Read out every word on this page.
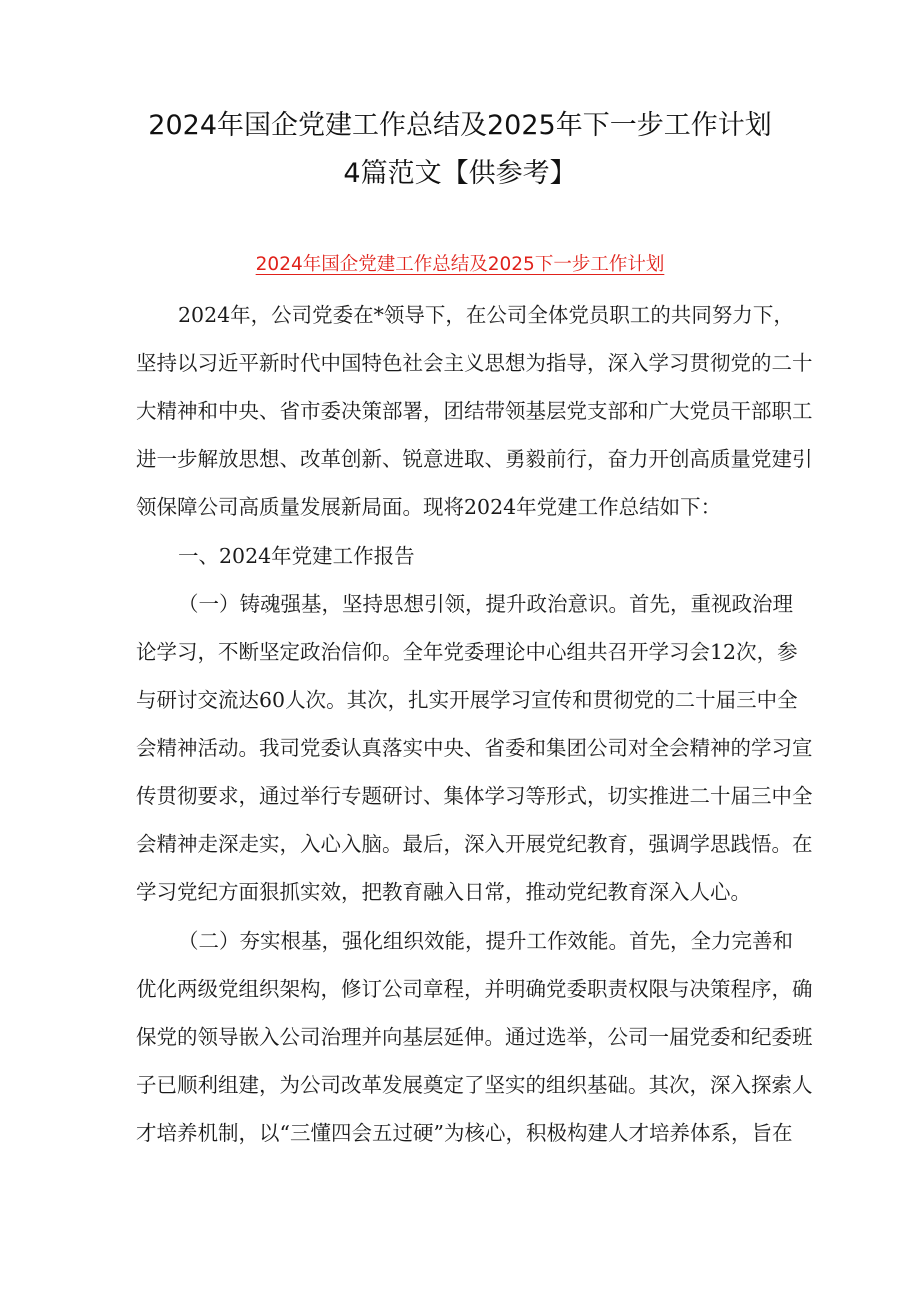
2024年国企党建工作总结及2025年下一步工作计划
4篇范文【供参考】
2024年国企党建工作总结及2025下一步工作计划
2024年，公司党委在*领导下，在公司全体党员职工的共同努力下，
坚持以习近平新时代中国特色社会主义思想为指导，深入学习贯彻党的二十
大精神和中央、省市委决策部署，团结带领基层党支部和广大党员干部职工
进一步解放思想、改革创新、锐意进取、勇毅前行，奋力开创高质量党建引
领保障公司高质量发展新局面。现将2024年党建工作总结如下：
一、2024年党建工作报告
（一）铸魂强基，坚持思想引领，提升政治意识。首先，重视政治理
论学习，不断坚定政治信仰。全年党委理论中心组共召开学习会12次，参
与研讨交流达60人次。其次，扎实开展学习宣传和贯彻党的二十届三中全
会精神活动。我司党委认真落实中央、省委和集团公司对全会精神的学习宣
传贯彻要求，通过举行专题研讨、集体学习等形式，切实推进二十届三中全
会精神走深走实，入心入脑。最后，深入开展党纪教育，强调学思践悟。在
学习党纪方面狠抓实效，把教育融入日常，推动党纪教育深入人心。
（二）夯实根基，强化组织效能，提升工作效能。首先，全力完善和
优化两级党组织架构，修订公司章程，并明确党委职责权限与决策程序，确
保党的领导嵌入公司治理并向基层延伸。通过选举，公司一届党委和纪委班
子已顺利组建，为公司改革发展奠定了坚实的组织基础。其次，深入探索人
才培养机制，以“三懂四会五过硬”为核心，积极构建人才培养体系，旨在
